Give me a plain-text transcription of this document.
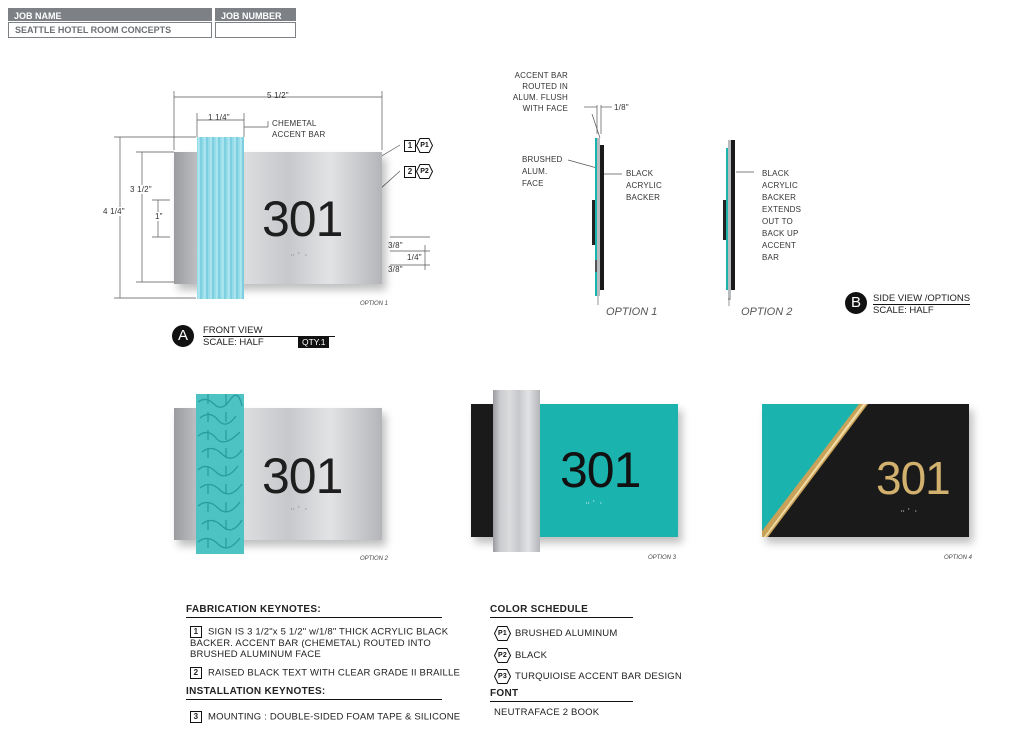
JOB NAME
SEATTLE HOTEL ROOM CONCEPTS
JOB NUMBER
5 1/2"
1 1/4"
4 1/4"
3 1/2"
1"
3/8"
1/4"
3/8"
CHEMETAL
ACCENT BAR
1 P1
2 P2
301
⠒⠁⠂
OPTION 1
A	FRONT VIEW
SCALE: HALF	QTY.1
ACCENT BAR
ROUTED IN
ALUM. FLUSH
WITH FACE	1/8"
BRUSHED
ALUM.
FACE
BLACK
ACRYLIC
BACKER
BLACK
ACRYLIC
BACKER
EXTENDS
OUT TO
BACK UP
ACCENT
BAR
OPTION 1	OPTION 2
B	SIDE VIEW /OPTIONS
SCALE: HALF
301
⠒⠁⠂
OPTION 2
301
⠒⠁⠂
OPTION 3
301
⠒⠁⠂
OPTION 4
FABRICATION KEYNOTES:
1 SIGN IS 3 1/2"x 5 1/2" w/1/8" THICK ACRYLIC BLACK BACKER. ACCENT BAR (CHEMETAL) ROUTED INTO BRUSHED ALUMINUM FACE
2 RAISED BLACK TEXT WITH CLEAR GRADE II BRAILLE
INSTALLATION KEYNOTES:
3 MOUNTING : DOUBLE-SIDED FOAM TAPE & SILICONE
COLOR SCHEDULE
P1 BRUSHED ALUMINUM
P2 BLACK
P3 TURQUIOISE ACCENT BAR DESIGN
FONT
NEUTRAFACE 2 BOOK
